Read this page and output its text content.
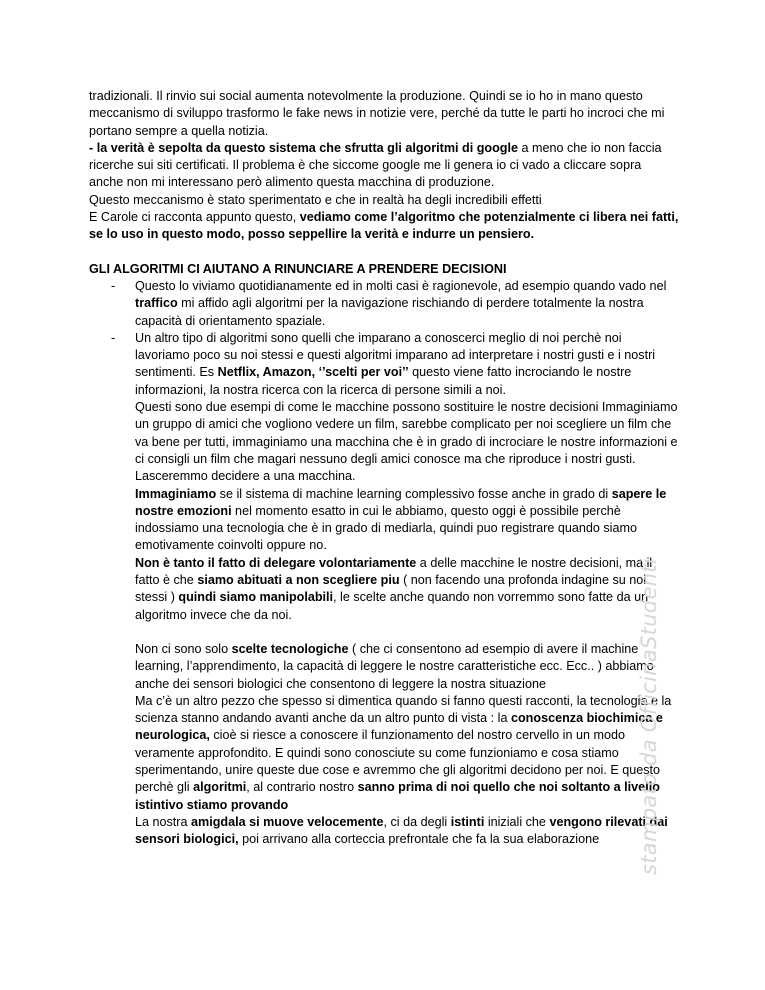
tradizionali. Il rinvio sui social aumenta notevolmente la produzione. Quindi se io ho in mano questo meccanismo di sviluppo trasformo le fake news in notizie vere, perché da tutte le parti ho incroci che mi portano sempre a quella notizia.

- la verità è sepolta da questo sistema che sfrutta gli algoritmi di google a meno che io non faccia ricerche sui siti certificati. Il problema è che siccome google me li genera io ci vado a cliccare sopra anche non mi interessano però alimento questa macchina di produzione.

Questo meccanismo è stato sperimentato e che in realtà ha degli incredibili effetti

E Carole ci racconta appunto questo, vediamo come l’algoritmo che potenzialmente ci libera nei fatti, se lo uso in questo modo, posso seppellire la verità e indurre un pensiero.

GLI ALGORITMI CI AIUTANO A RINUNCIARE A PRENDERE DECISIONI

- Questo lo viviamo quotidianamente ed in molti casi è ragionevole, ad esempio quando vado nel traffico mi affido agli algoritmi per la navigazione rischiando di perdere totalmente la nostra capacità di orientamento spaziale.

- Un altro tipo di algoritmi sono quelli che imparano a conoscerci meglio di noi perchè noi lavoriamo poco su noi stessi e questi algoritmi imparano ad interpretare i nostri gusti e i nostri sentimenti. Es Netflix, Amazon, ‘’scelti per voi’’ questo viene fatto incrociando le nostre informazioni, la nostra ricerca con la ricerca di persone simili a noi.

Questi sono due esempi di come le macchine possono sostituire le nostre decisioni Immaginiamo un gruppo di amici che vogliono vedere un film, sarebbe complicato per noi scegliere un film che va bene per tutti, immaginiamo una macchina che è in grado di incrociare le nostre informazioni e ci consigli un film che magari nessuno degli amici conosce ma che riproduce i nostri gusti. Lasceremmo decidere a una macchina.

Immaginiamo se il sistema di machine learning complessivo fosse anche in grado di sapere le nostre emozioni nel momento esatto in cui le abbiamo, questo oggi è possibile perchè indossiamo una tecnologia che è in grado di mediarla, quindi puo registrare quando siamo emotivamente coinvolti oppure no.

Non è tanto il fatto di delegare volontariamente a delle macchine le nostre decisioni, ma il fatto è che siamo abituati a non scegliere piu ( non facendo una profonda indagine su noi stessi ) quindi siamo manipolabili, le scelte anche quando non vorremmo sono fatte da un algoritmo invece che da noi.

Non ci sono solo scelte tecnologiche ( che ci consentono ad esempio di avere il machine learning, l’apprendimento, la capacità di leggere le nostre caratteristiche ecc. Ecc.. ) abbiamo anche dei sensori biologici che consentono di leggere la nostra situazione

Ma c’è un altro pezzo che spesso si dimentica quando si fanno questi racconti, la tecnologia e la scienza stanno andando avanti anche da un altro punto di vista : la conoscenza biochimica e neurologica, cioè si riesce a conoscere il funzionamento del nostro cervello in un modo veramente approfondito. E quindi sono conosciute su come funzioniamo e cosa stiamo sperimentando, unire queste due cose e avremmo che gli algoritmi decidono per noi. E questo perchè gli algoritmi, al contrario nostro sanno prima di noi quello che noi soltanto a livello istintivo stiamo provando

La nostra amigdala si muove velocemente, ci da degli istinti iniziali che vengono rilevati dai sensori biologici, poi arrivano alla corteccia prefrontale che fa la sua elaborazione	stampato da OfficinaStudenti
